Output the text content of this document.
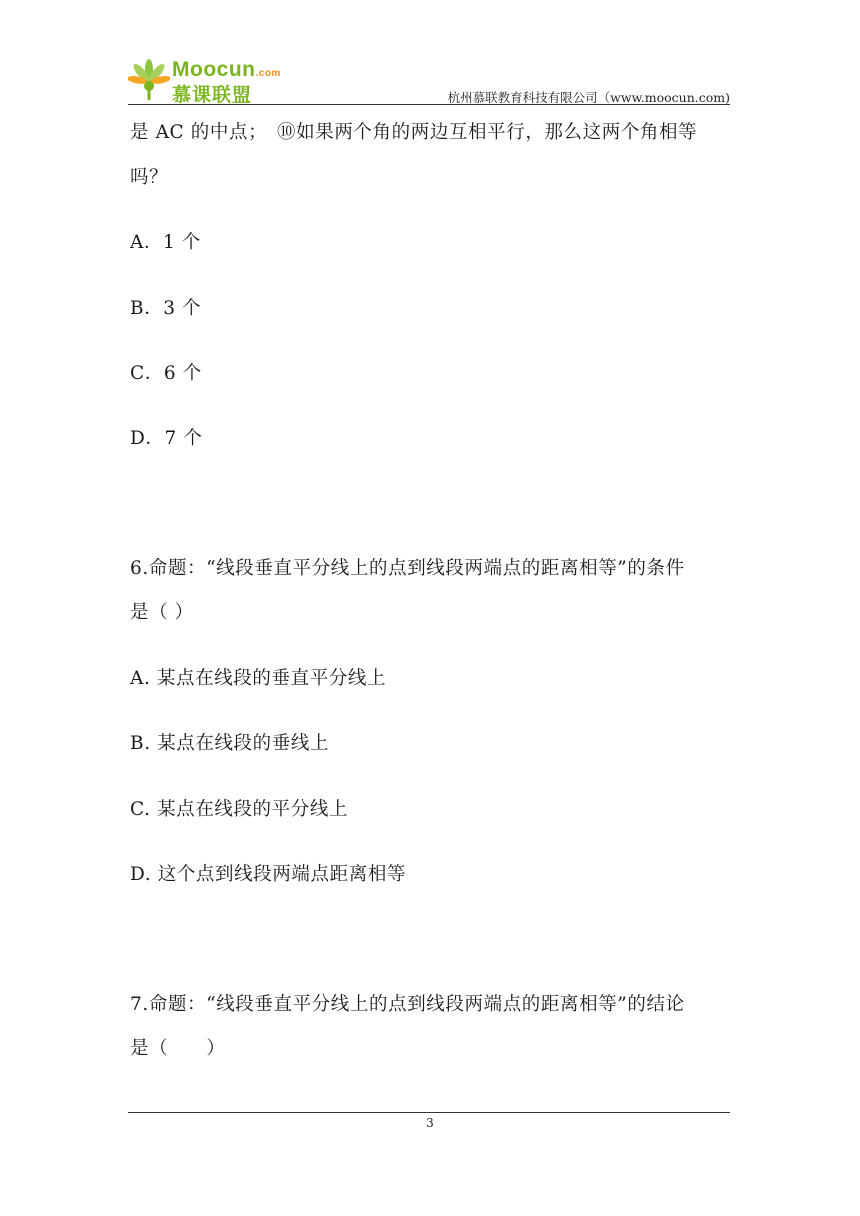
Moocun.com
慕课联盟	杭州慕联教育科技有限公司（www.moocun.com)
是 AC 的中点；　⑩如果两个角的两边互相平行，那么这两个角相等
吗？
A．1 个
B．3 个
C．6 个
D．7 个
6.命题：“线段垂直平分线上的点到线段两端点的距离相等”的条件
是（ ）
A. 某点在线段的垂直平分线上
B. 某点在线段的垂线上
C. 某点在线段的平分线上
D. 这个点到线段两端点距离相等
7.命题：“线段垂直平分线上的点到线段两端点的距离相等”的结论
是（　　）
3
